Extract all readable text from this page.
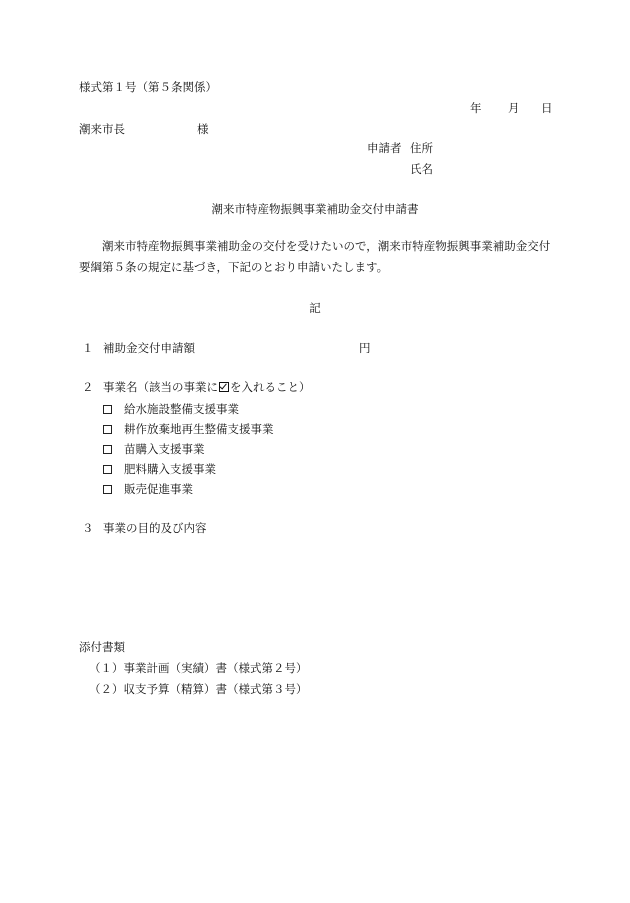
様式第１号（第５条関係）
年 月 日
潮来市長	様
申請者 住所
氏名
潮来市特産物振興事業補助金交付申請書
潮来市特産物振興事業補助金の交付を受けたいので，潮来市特産物振興事業補助金交付要綱第５条の規定に基づき，下記のとおり申請いたします。
記
１ 補助金交付申請額	円
２ 事業名（該当の事業に を入れること）
給水施設整備支援事業
耕作放棄地再生整備支援事業
苗購入支援事業
肥料購入支援事業
販売促進事業
３ 事業の目的及び内容
添付書類
（１）事業計画（実績）書（様式第２号）
（２）収支予算（精算）書（様式第３号）
